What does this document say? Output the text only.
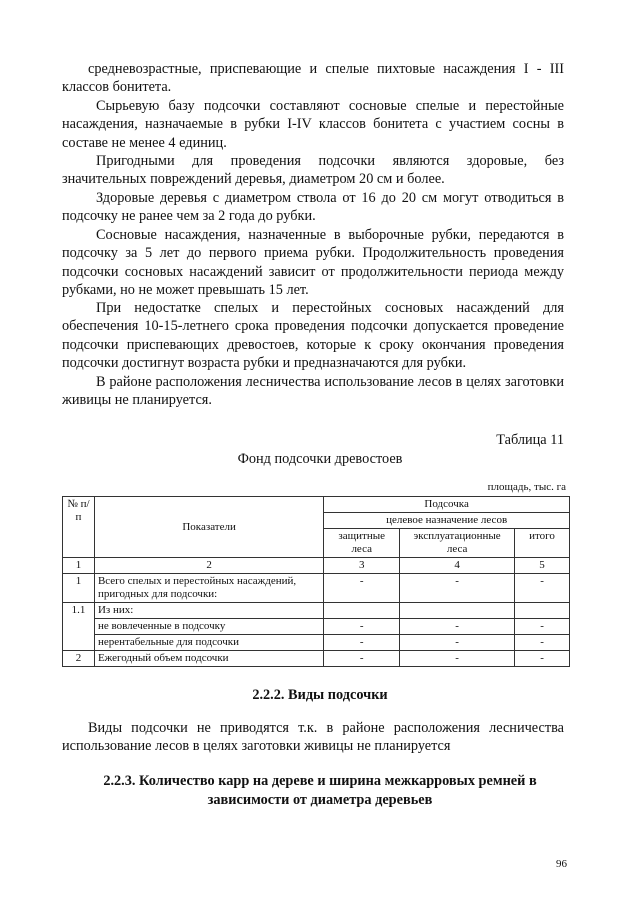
средневозрастные, приспевающие и спелые пихтовые насаждения I - III классов бонитета.

Сырьевую базу подсочки составляют сосновые спелые и перестойные насаждения, назначаемые в рубки I-IV классов бонитета с участием сосны в составе не менее 4 единиц.

Пригодными для проведения подсочки являются здоровые, без значительных повреждений деревья, диаметром 20 см и более.

Здоровые деревья с диаметром ствола от 16 до 20 см могут отводиться в подсочку не ранее чем за 2 года до рубки.

Сосновые насаждения, назначенные в выборочные рубки, передаются в подсочку за 5 лет до первого приема рубки. Продолжительность проведения подсочки сосновых насаждений зависит от продолжительности периода между рубками, но не может превышать 15 лет.

При недостатке спелых и перестойных сосновых насаждений для обеспечения 10-15-летнего срока проведения подсочки допускается проведение подсочки приспевающих древостоев, которые к сроку окончания проведения подсочки достигнут возраста рубки и предназначаются для рубки.

В районе расположения лесничества использование лесов в целях заготовки живицы не планируется.

Таблица 11
Фонд подсочки древостоев
площадь, тыс. га
№ п/п	Показатели	Подсочка		
		целевое назначение лесов		
		защитные леса	эксплуатационные леса	итого
1	2	3	4	5
1	Всего спелых и перестойных насаждений, пригодных для подсочки:	-	-	-
1.1	Из них:			
	не вовлеченные в подсочку	-	-	-
	нерентабельные для подсочки	-	-	-
2	Ежегодный объем подсочки	-	-	-
2.2.2. Виды подсочки

Виды подсочки не приводятся т.к. в районе расположения лесничества использование лесов в целях заготовки живицы не планируется

2.2.3. Количество карр на дереве и ширина межкарровых ремней в
зависимости от диаметра деревьев
96
